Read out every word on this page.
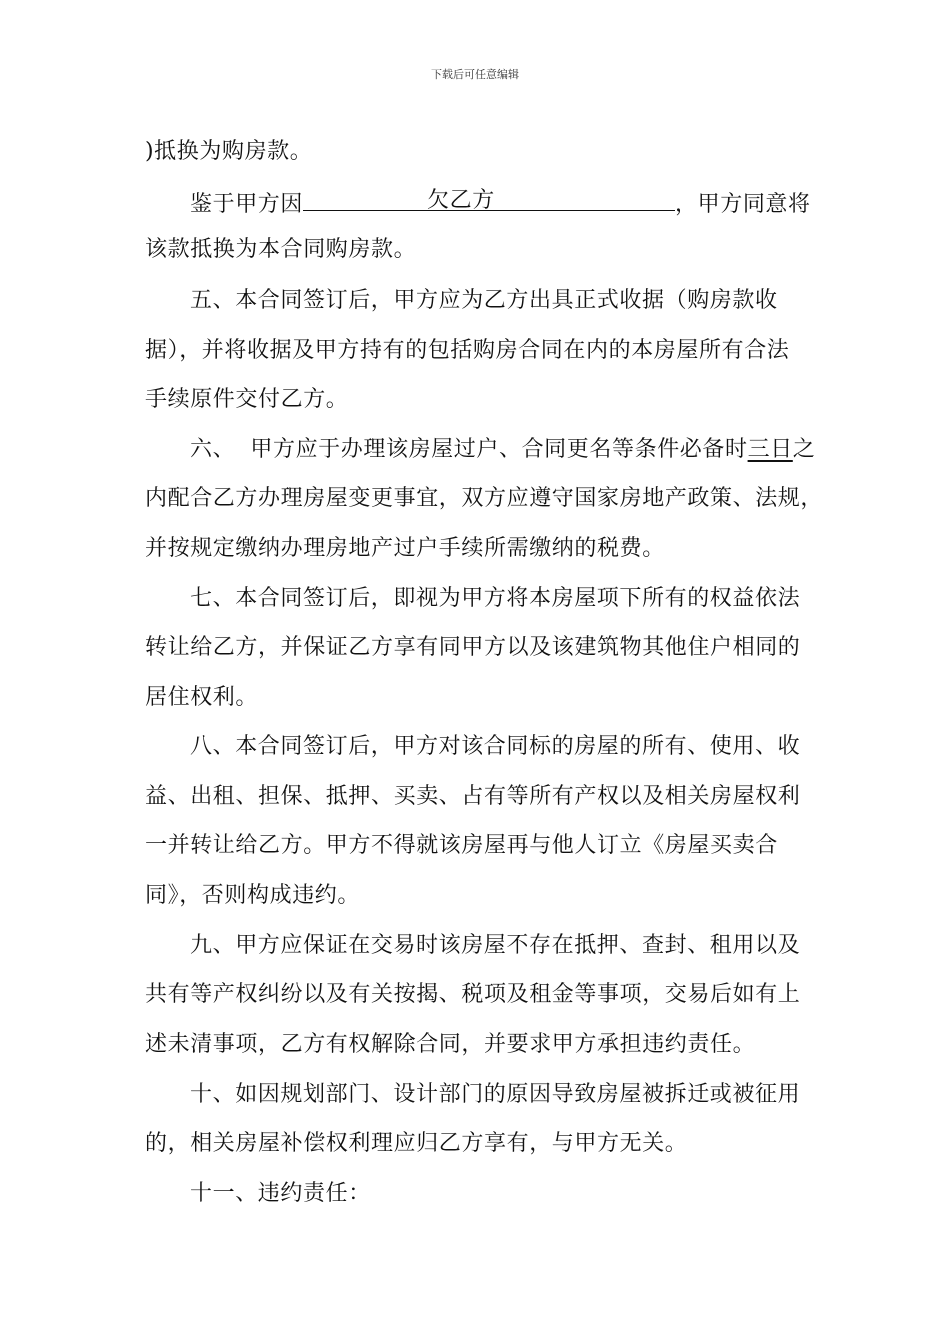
下载后可任意编辑
)抵换为购房款。
鉴于甲方因	欠乙方	，甲方同意将
该款抵换为本合同购房款。
五、本合同签订后，甲方应为乙方出具正式收据（购房款收
据），并将收据及甲方持有的包括购房合同在内的本房屋所有合法
手续原件交付乙方。
六、  甲方应于办理该房屋过户、合同更名等条件必备时三日之
内配合乙方办理房屋变更事宜，双方应遵守国家房地产政策、法规，
并按规定缴纳办理房地产过户手续所需缴纳的税费。
七、本合同签订后，即视为甲方将本房屋项下所有的权益依法
转让给乙方，并保证乙方享有同甲方以及该建筑物其他住户相同的
居住权利。
八、本合同签订后，甲方对该合同标的房屋的所有、使用、收
益、出租、担保、抵押、买卖、占有等所有产权以及相关房屋权利
一并转让给乙方。甲方不得就该房屋再与他人订立《房屋买卖合
同》，否则构成违约。
九、甲方应保证在交易时该房屋不存在抵押、查封、租用以及
共有等产权纠纷以及有关按揭、税项及租金等事项，交易后如有上
述未清事项，乙方有权解除合同，并要求甲方承担违约责任。
十、如因规划部门、设计部门的原因导致房屋被拆迁或被征用
的，相关房屋补偿权利理应归乙方享有，与甲方无关。
十一、违约责任：
